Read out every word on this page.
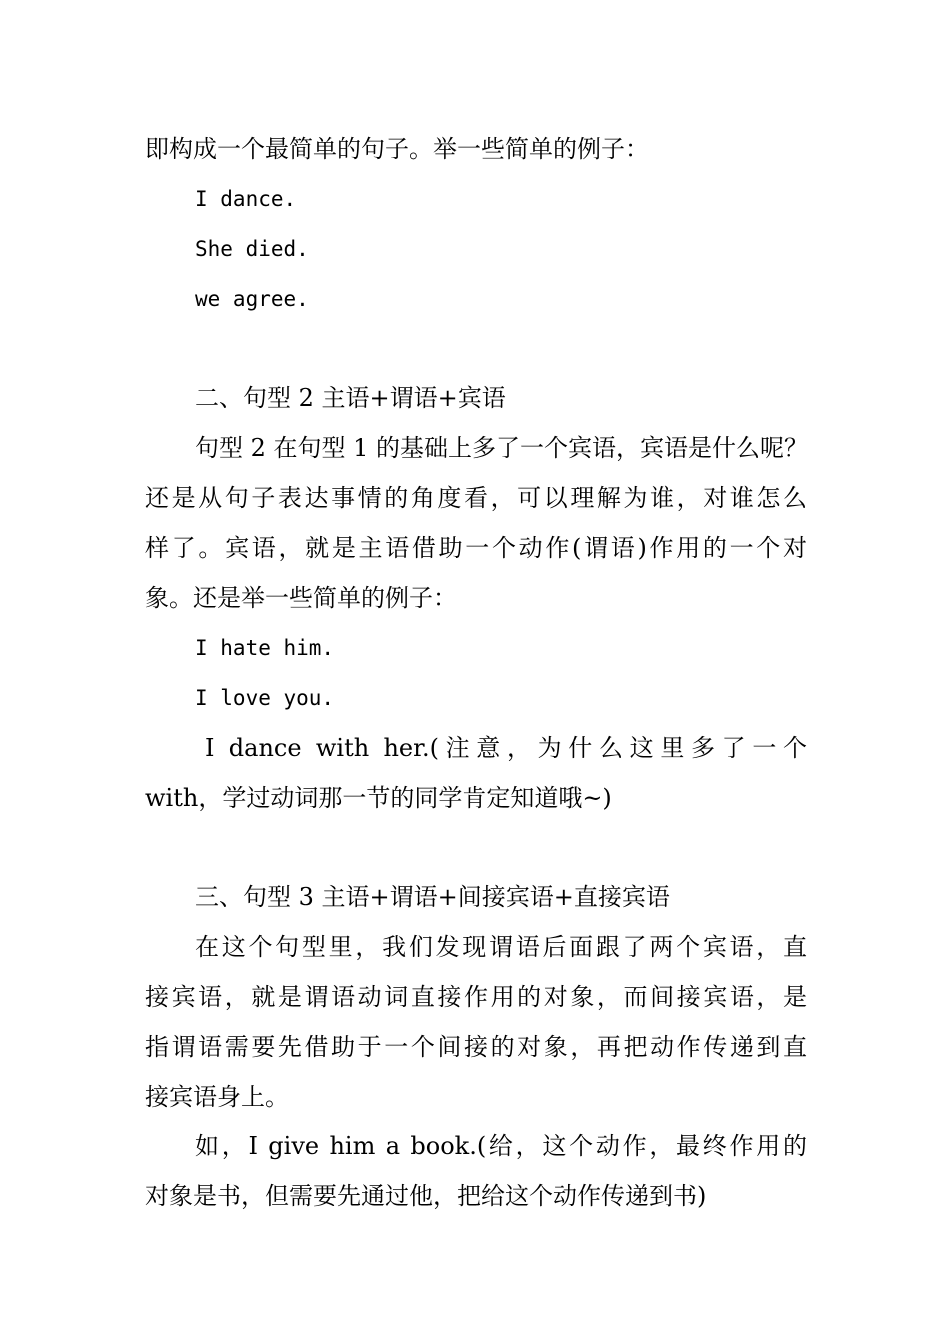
即构成一个最简单的句子。举一些简单的例子：
I dance.
She died.
we agree.
二、句型 2 主语+谓语+宾语
句型 2 在句型 1 的基础上多了一个宾语，宾语是什么呢？
还是从句子表达事情的角度看，可以理解为谁，对谁怎么
样了。宾语，就是主语借助一个动作(谓语)作用的一个对
象。还是举一些简单的例子：
I hate him.
I love you.
I dance with her.(注意，为什么这里多了一个
with，学过动词那一节的同学肯定知道哦~)
三、句型 3 主语+谓语+间接宾语+直接宾语
在这个句型里，我们发现谓语后面跟了两个宾语，直
接宾语，就是谓语动词直接作用的对象，而间接宾语，是
指谓语需要先借助于一个间接的对象，再把动作传递到直
接宾语身上。
如，I give him a book.(给，这个动作，最终作用的
对象是书，但需要先通过他，把给这个动作传递到书)
